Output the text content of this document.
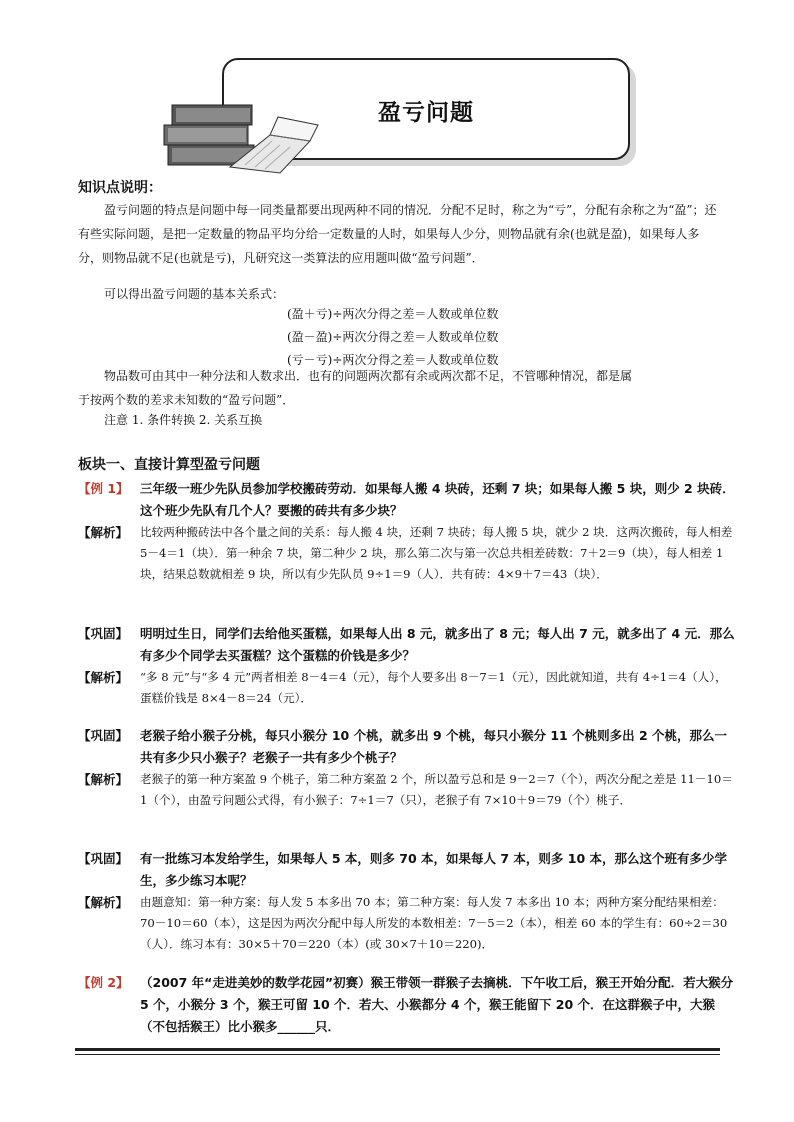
盈亏问题
知识点说明：
盈亏问题的特点是问题中每一同类量都要出现两种不同的情况．分配不足时，称之为“亏”，分配有余称之为“盈”；还有些实际问题，是把一定数量的物品平均分给一定数量的人时，如果每人少分，则物品就有余(也就是盈)，如果每人多分，则物品就不足(也就是亏)，凡研究这一类算法的应用题叫做“盈亏问题”．
可以得出盈亏问题的基本关系式：
(盈＋亏)÷两次分得之差＝人数或单位数
(盈－盈)÷两次分得之差＝人数或单位数
(亏－亏)÷两次分得之差＝人数或单位数
物品数可由其中一种分法和人数求出．也有的问题两次都有余或两次都不足，不管哪种情况，都是属于按两个数的差求未知数的“盈亏问题”．
注意 1. 条件转换 2. 关系互换
板块一、直接计算型盈亏问题
【例 1】 三年级一班少先队员参加学校搬砖劳动．如果每人搬 4 块砖，还剩 7 块；如果每人搬 5 块，则少 2 块砖．这个班少先队有几个人？要搬的砖共有多少块？
【解析】	比较两种搬砖法中各个量之间的关系：每人搬 4 块，还剩 7 块砖；每人搬 5 块，就少 2 块．这两次搬砖，每人相差 5－4＝1（块）．第一种余 7 块，第二种少 2 块，那么第二次与第一次总共相差砖数：7＋2＝9（块），每人相差 1 块，结果总数就相差 9 块，所以有少先队员 9÷1＝9（人）．共有砖：4×9＋7＝43（块）．
【巩固】 明明过生日，同学们去给他买蛋糕，如果每人出 8 元，就多出了 8 元；每人出 7 元，就多出了 4 元．那么有多少个同学去买蛋糕？这个蛋糕的价钱是多少？
【解析】	“多 8 元”与“多 4 元”两者相差 8－4＝4（元），每个人要多出 8－7＝1（元），因此就知道，共有 4÷1＝4（人），蛋糕价钱是 8×4－8＝24（元）．
【巩固】 老猴子给小猴子分桃，每只小猴分 10 个桃，就多出 9 个桃，每只小猴分 11 个桃则多出 2 个桃，那么一共有多少只小猴子？老猴子一共有多少个桃子？
【解析】	老猴子的第一种方案盈 9 个桃子，第二种方案盈 2 个，所以盈亏总和是 9－2＝7（个），两次分配之差是 11－10＝1（个），由盈亏问题公式得，有小猴子：7÷1＝7（只），老猴子有 7×10＋9＝79（个）桃子．
【巩固】 有一批练习本发给学生，如果每人 5 本，则多 70 本，如果每人 7 本，则多 10 本，那么这个班有多少学生，多少练习本呢？
【解析】	由题意知：第一种方案：每人发 5 本多出 70 本；第二种方案：每人发 7 本多出 10 本；两种方案分配结果相差：70－10＝60（本），这是因为两次分配中每人所发的本数相差：7－5＝2（本），相差 60 本的学生有：60÷2＝30（人）．练习本有：30×5＋70＝220（本）(或 30×7＋10＝220)．
【例 2】 （2007 年“走进美妙的数学花园”初赛）猴王带领一群猴子去摘桃．下午收工后，猴王开始分配．若大猴分 5 个，小猴分 3 个，猴王可留 10 个．若大、小猴都分 4 个，猴王能留下 20 个．在这群猴子中，大猴（不包括猴王）比小猴多______只．
